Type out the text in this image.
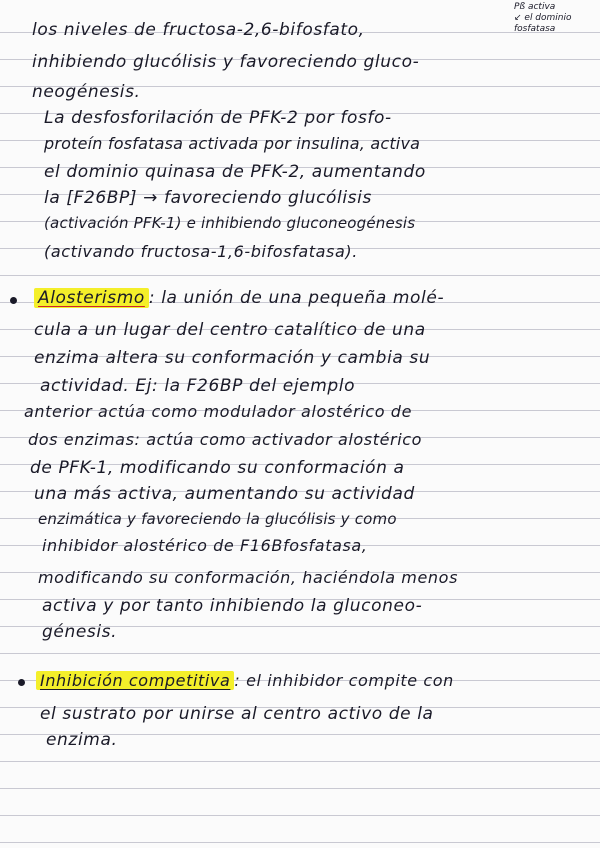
Pß activa
↙ el dominio
fosfatasa
los niveles de fructosa-2,6-bifosfato,
inhibiendo glucólisis y favoreciendo gluco-
neogénesis.
La desfosforilación de PFK-2 por fosfo-
proteín fosfatasa activada por insulina, activa
el dominio quinasa de PFK-2, aumentando
la [F26BP] → favoreciendo glucólisis
(activación PFK-1) e inhibiendo gluconeogénesis
(activando fructosa-1,6-bifosfatasa).
Alosterismo : la unión de una pequeña molé-
cula a un lugar del centro catalítico de una
enzima altera su conformación y cambia su
actividad. Ej: la F26BP del ejemplo
anterior actúa como modulador alostérico de
dos enzimas: actúa como activador alostérico
de PFK-1, modificando su conformación a
una más activa, aumentando su actividad
enzimática y favoreciendo la glucólisis y como
inhibidor alostérico de F16Bfosfatasa,
modificando su conformación, haciéndola menos
activa y por tanto inhibiendo la gluconeo-
génesis.
Inhibición competitiva : el inhibidor compite con
el sustrato por unirse al centro activo de la
enzima.
